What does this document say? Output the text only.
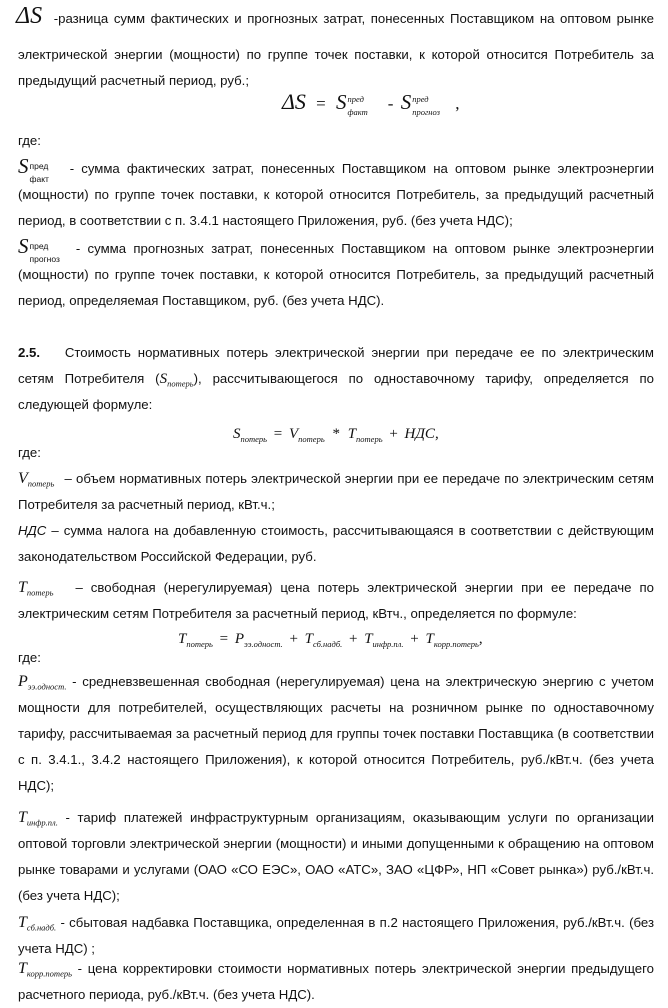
ΔS -разница сумм фактических и прогнозных затрат, понесенных Поставщиком на оптовом рынке
электрической энергии (мощности) по группе точек поставки, к которой относится Потребитель за
предыдущий расчетный период, руб.;
ΔS = S пред
факт - S пред
прогноз ,
где:
S пред
факт
- сумма фактических затрат, понесенных Поставщиком на оптовом рынке электроэнергии
(мощности) по группе точек поставки, к которой относится Потребитель, за предыдущий расчетный
период, в соответствии с п. 3.4.1 настоящего Приложения, руб. (без учета НДС);
S пред
прогноз
- сумма прогнозных затрат, понесенных Поставщиком на оптовом рынке электроэнергии
(мощности) по группе точек поставки, к которой относится Потребитель, за предыдущий расчетный
период, определяемая Поставщиком, руб. (без учета НДС).
2.5. Стоимость нормативных потерь электрической энергии при передаче ее по электрическим
сетям Потребителя $(S_{потерь})$, рассчитывающегося по одноставочному тарифу, определяется по
следующей формуле:
$S_{потерь} = V_{потерь} * T_{потерь}$ + НДС,
где:
$V_{потерь}$ – объем нормативных потерь электрической энергии при ее передаче по электрическим сетям
Потребителя за расчетный период, кВт.ч.;
НДС – сумма налога на добавленную стоимость, рассчитывающаяся в соответствии с действующим
законодательством Российской Федерации, руб.
$T_{потерь}$ – свободная (нерегулируемая) цена потерь электрической энергии при ее передаче по
электрическим сетям Потребителя за расчетный период, кВтч., определяется по формуле:
$T_{потерь} = P_{ээ.одност.} + T_{сб.надб.} + T_{инфр.пл.} + T_{корр.потерь}$,
где:
$P_{ээ.одност.}$ - средневзвешенная свободная (нерегулируемая) цена на электрическую энергию с учетом
мощности для потребителей, осуществляющих расчеты на розничном рынке по одноставочному
тарифу, рассчитываемая за расчетный период для группы точек поставки Поставщика (в соответствии
с п. 3.4.1., 3.4.2 настоящего Приложения), к которой относится Потребитель, руб./кВт.ч. (без учета
НДС);
$T_{инфр.пл.}$ - тариф платежей инфраструктурным организациям, оказывающим услуги по организации
оптовой торговли электрической энергии (мощности) и иными допущенными к обращению на оптовом
рынке товарами и услугами (ОАО «СО ЕЭС», ОАО «АТС», ЗАО «ЦФР», НП «Совет рынка») руб./кВт.ч.
(без учета НДС);
$T_{сб.надб.}$ - сбытовая надбавка Поставщика, определенная в п.2 настоящего Приложения, руб./кВт.ч. (без
учета НДС) ;
$T_{корр.потерь}$ - цена корректировки стоимости нормативных потерь электрической энергии предыдущего
расчетного периода, руб./кВт.ч. (без учета НДС).
